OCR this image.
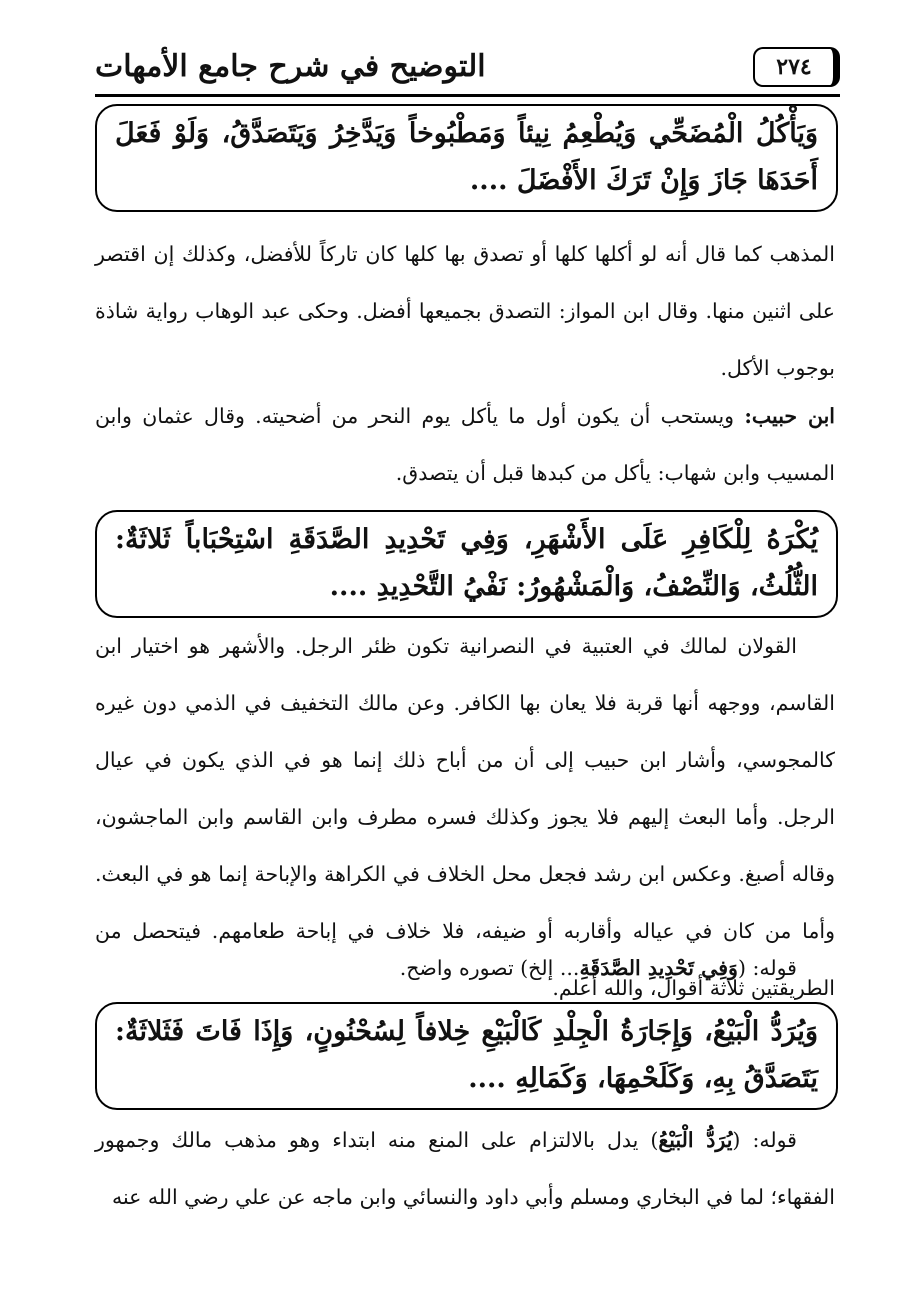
٢٧٤
التوضيح في شرح جامع الأمهات
وَيَأْكُلُ الْمُضَحِّي وَيُطْعِمُ نِيئاً وَمَطْبُوخاً وَيَدَّخِرُ وَيَتَصَدَّقُ، وَلَوْ فَعَلَ أَحَدَهَا جَازَ وَإِنْ تَرَكَ الأَفْضَلَ ....
المذهب كما قال أنه لو أكلها كلها أو تصدق بها كلها كان تاركاً للأفضل، وكذلك إن اقتصر على اثنين منها. وقال ابن المواز: التصدق بجميعها أفضل. وحكى عبد الوهاب رواية شاذة بوجوب الأكل.
ابن حبيب: ويستحب أن يكون أول ما يأكل يوم النحر من أضحيته. وقال عثمان وابن المسيب وابن شهاب: يأكل من كبدها قبل أن يتصدق.
يُكْرَهُ لِلْكَافِرِ عَلَى الأَشْهَرِ، وَفِي تَحْدِيدِ الصَّدَقَةِ اسْتِحْبَاباً ثَلاثَةٌ: الثُّلُثُ، وَالنِّصْفُ، وَالْمَشْهُورُ: نَفْيُ التَّحْدِيدِ ....
القولان لمالك في العتبية في النصرانية تكون ظئر الرجل. والأشهر هو اختيار ابن القاسم، ووجهه أنها قربة فلا يعان بها الكافر. وعن مالك التخفيف في الذمي دون غيره كالمجوسي، وأشار ابن حبيب إلى أن من أباح ذلك إنما هو في الذي يكون في عيال الرجل. وأما البعث إليهم فلا يجوز وكذلك فسره مطرف وابن القاسم وابن الماجشون، وقاله أصبغ. وعكس ابن رشد فجعل محل الخلاف في الكراهة والإباحة إنما هو في البعث. وأما من كان في عياله وأقاربه أو ضيفه، فلا خلاف في إباحة طعامهم. فيتحصل من الطريقتين ثلاثة أقوال، والله أعلم.
قوله: (وَفِي تَحْدِيدِ الصَّدَقَةِ... إلخ) تصوره واضح.
وَيُرَدُّ الْبَيْعُ، وَإِجَارَةُ الْجِلْدِ كَالْبَيْعِ خِلافاً لِسُحْنُونٍ، وَإِذَا فَاتَ فَثَلاثَةٌ: يَتَصَدَّقُ بِهِ، وَكَلَحْمِهَا، وَكَمَالِهِ ....
قوله: (يُرَدُّ الْبَيْعُ) يدل بالالتزام على المنع منه ابتداء وهو مذهب مالك وجمهور الفقهاء؛ لما في البخاري ومسلم وأبي داود والنسائي وابن ماجه عن علي رضي الله عنه
